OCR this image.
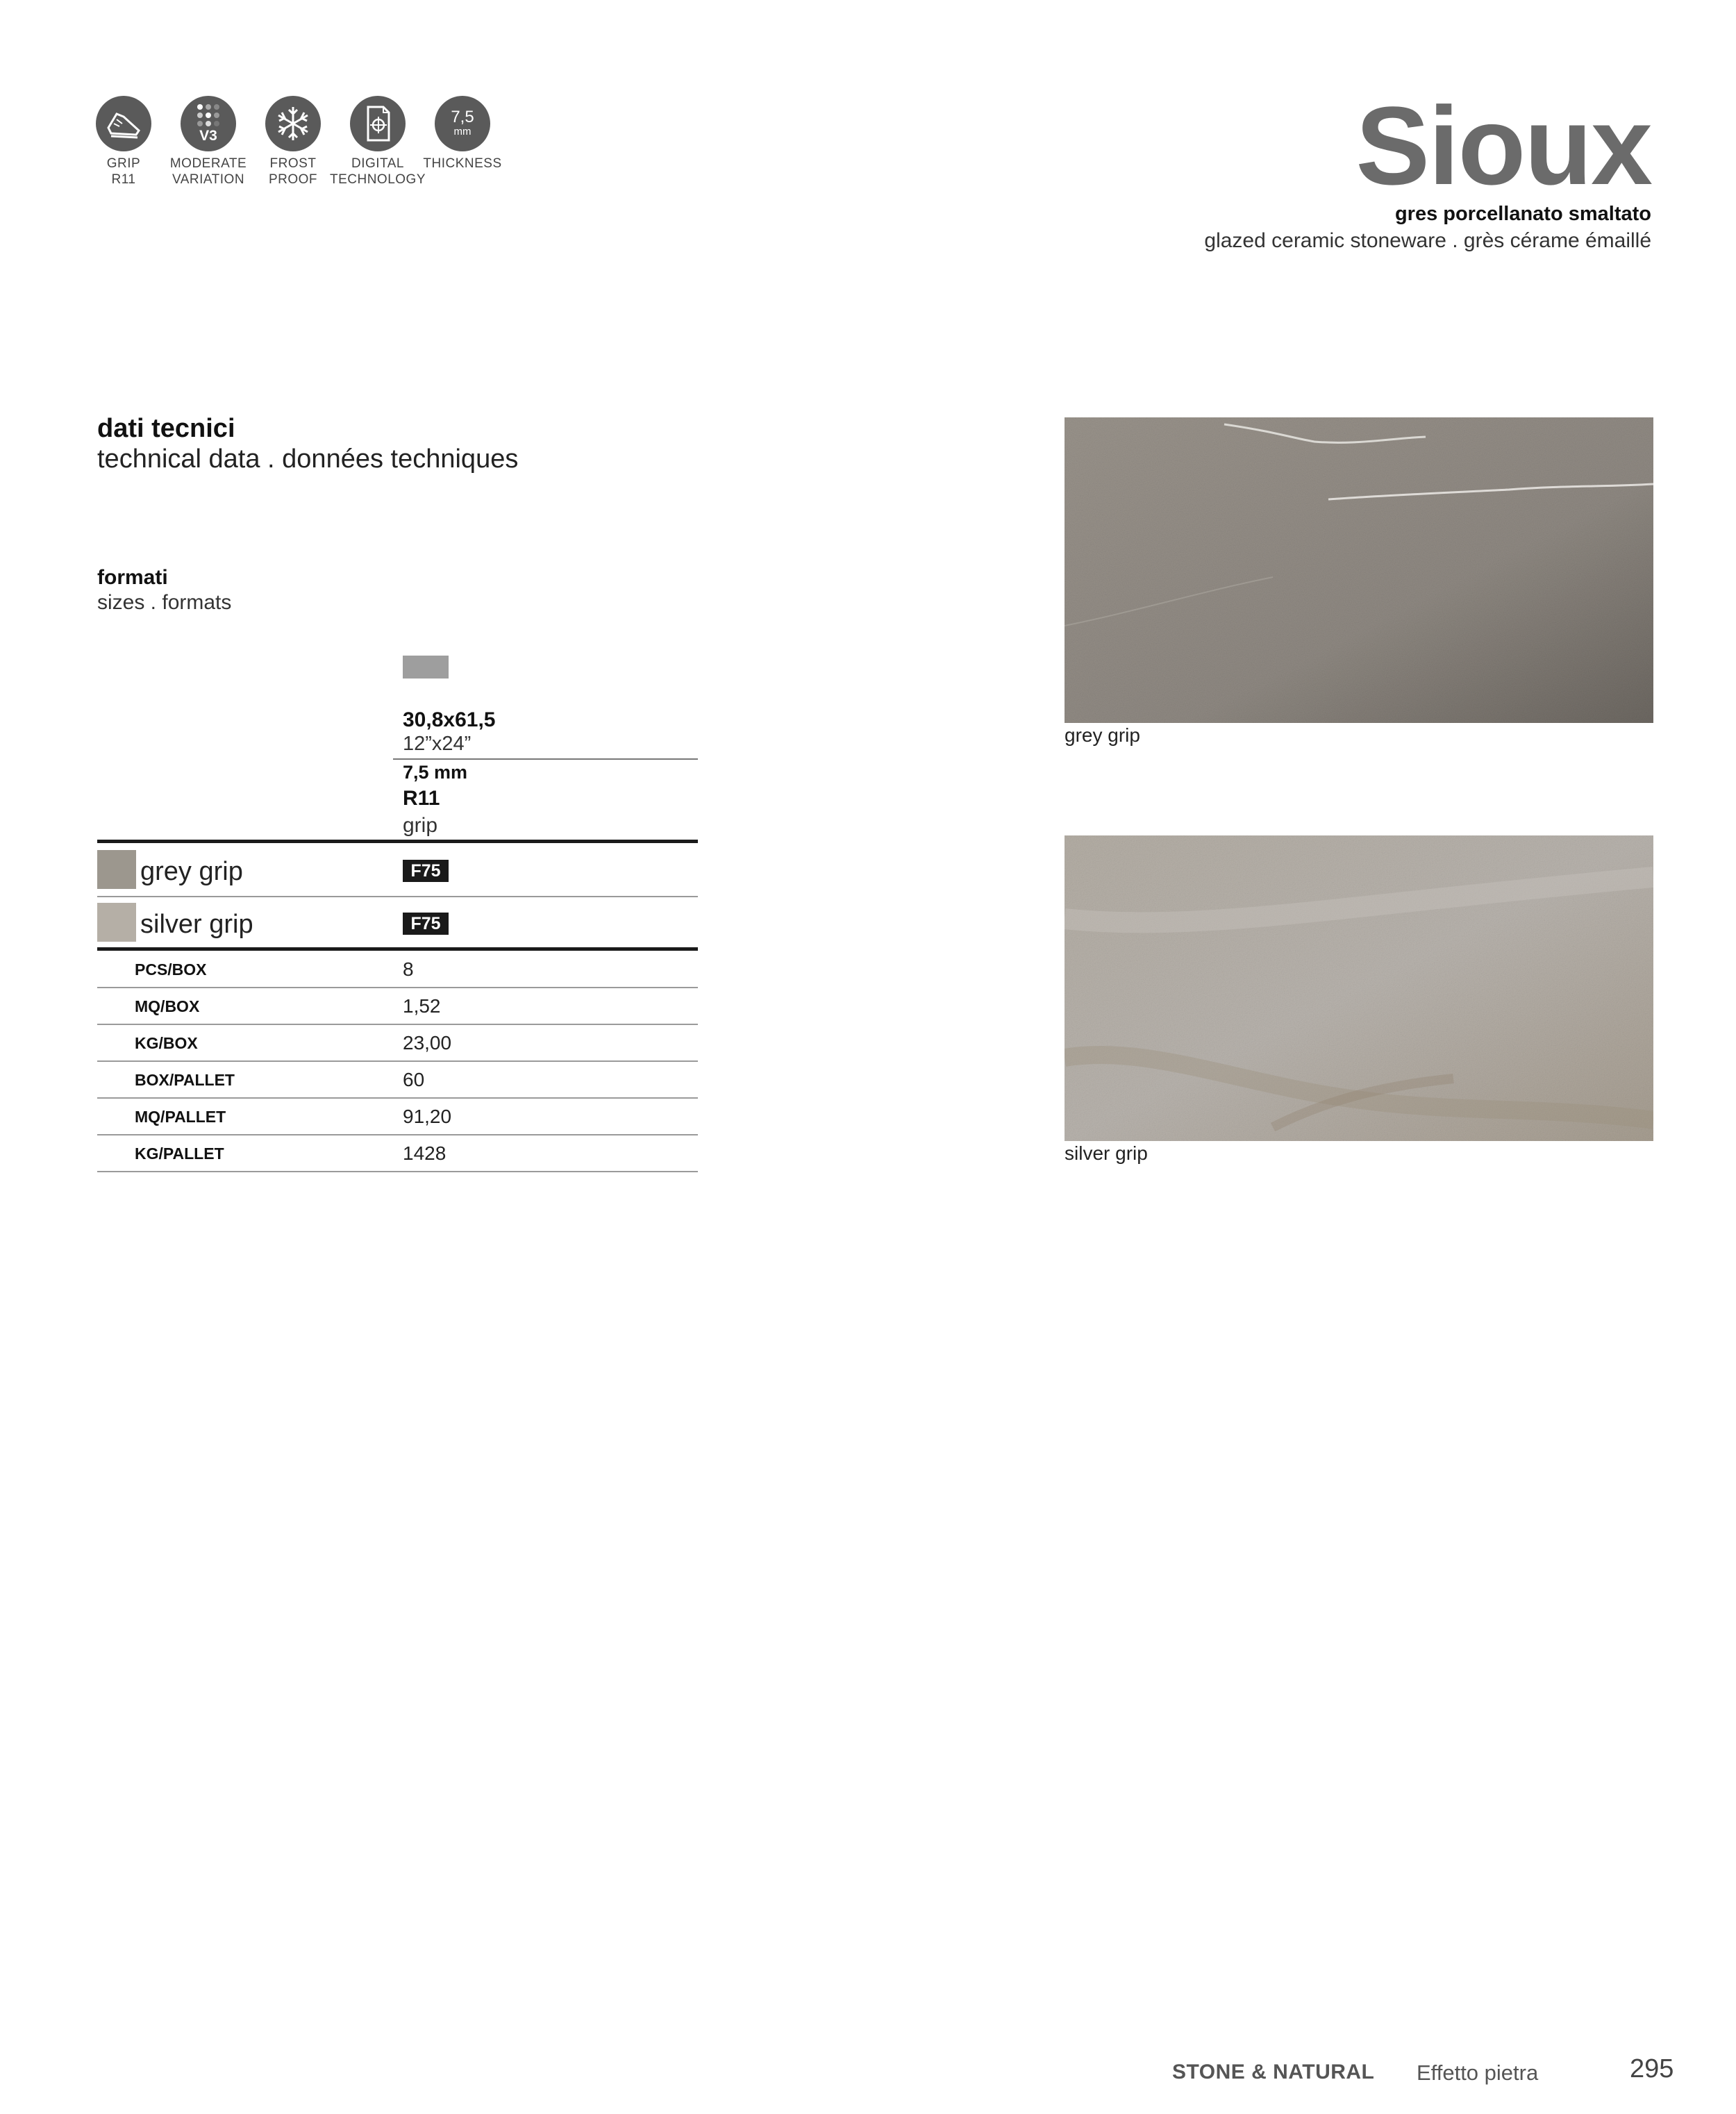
GRIP
R11
V3
MODERATE
VARIATION
FROST
PROOF
DIGITAL
TECHNOLOGY
7,5
mm
THICKNESS	Sioux
gres porcellanato smaltato
glazed ceramic stoneware . grès cérame émaillé
dati tecnici
technical data . données techniques
formati
sizes . formats
30,8x61,5
12”x24”
7,5 mm
R11
grip
grey grip	F75
silver grip	F75
PCS/BOX	8
MQ/BOX	1,52
KG/BOX	23,00
BOX/PALLET	60
MQ/PALLET	91,20
KG/PALLET	1428
grey grip
silver grip
STONE & NATURAL Effetto pietra	295
